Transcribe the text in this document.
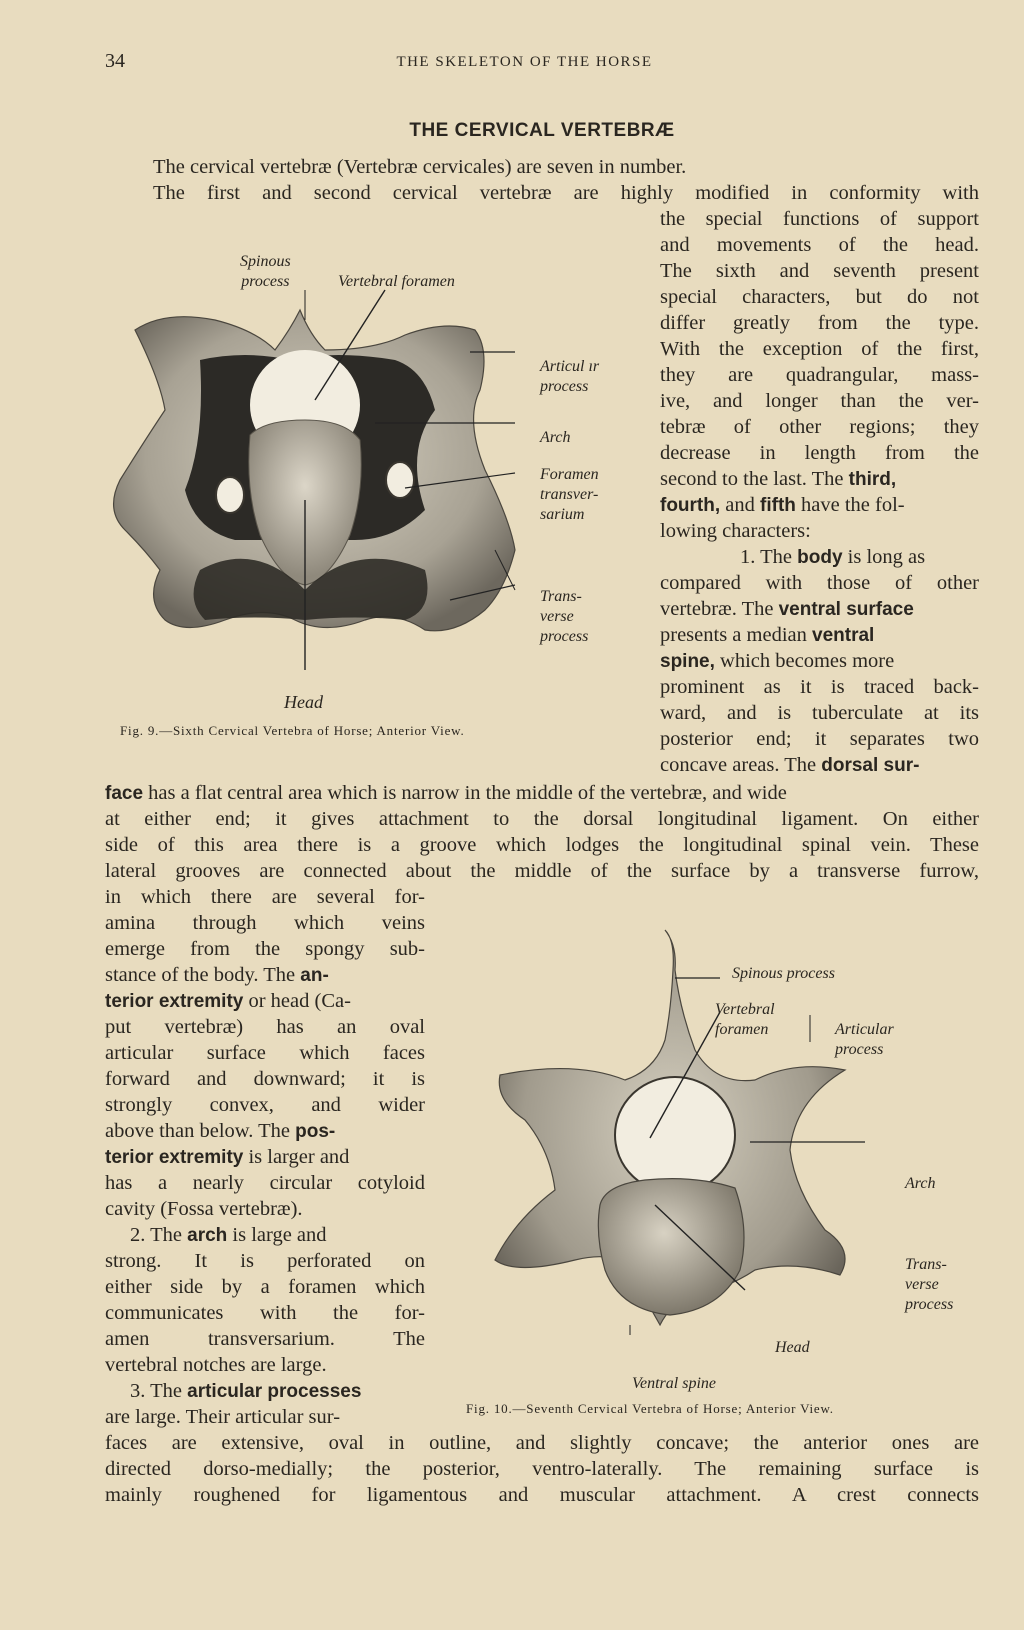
34	THE SKELETON OF THE HORSE
THE CERVICAL VERTEBRÆ
The cervical vertebræ (Vertebræ cervicales) are seven in number.
The first and second cervical vertebræ are highly modified in conformity with
the special functions of support
and movements of the head.
The sixth and seventh present
special characters, but do not
differ greatly from the type.
With the exception of the first,
they are quadrangular, mass-
ive, and longer than the ver-
tebræ of other regions; they
decrease in length from the
second to the last. The third,
fourth, and fifth have the fol-
lowing characters:
1. The body is long as
compared with those of other
vertebræ. The ventral surface
presents a median ventral
spine, which becomes more
prominent as it is traced back-
ward, and is tuberculate at its
posterior end; it separates two
concave areas. The dorsal sur-
face has a flat central area which is narrow in the middle of the vertebræ, and wide
at either end; it gives attachment to the dorsal longitudinal ligament. On either
side of this area there is a groove which lodges the longitudinal spinal vein. These
lateral grooves are connected about the middle of the surface by a transverse furrow,
in which there are several for-
amina through which veins
emerge from the spongy sub-
stance of the body. The an-
terior extremity or head (Ca-
put vertebræ) has an oval
articular surface which faces
forward and downward; it is
strongly convex, and wider
above than below. The pos-
terior extremity is larger and
has a nearly circular cotyloid
cavity (Fossa vertebræ).
2. The arch is large and
strong. It is perforated on
either side by a foramen which
communicates with the for-
amen transversarium. The
vertebral notches are large.
3. The articular processes
are large. Their articular sur-
faces are extensive, oval in outline, and slightly concave; the anterior ones are
directed dorso-medially; the posterior, ventro-laterally. The remaining surface is
mainly roughened for ligamentous and muscular attachment. A crest connects
Spinous
process	Vertebral foramen
Articul ır
process
Arch
Foramen
transver-
sarium
Trans-
verse
process
Head
Fig. 9.—Sixth Cervical Vertebra of Horse; Anterior View.
Spinous process
Vertebral
foramen	Articular
process
Arch
Trans-
verse
process
Head
Ventral spine
Fig. 10.—Seventh Cervical Vertebra of Horse; Anterior View.
